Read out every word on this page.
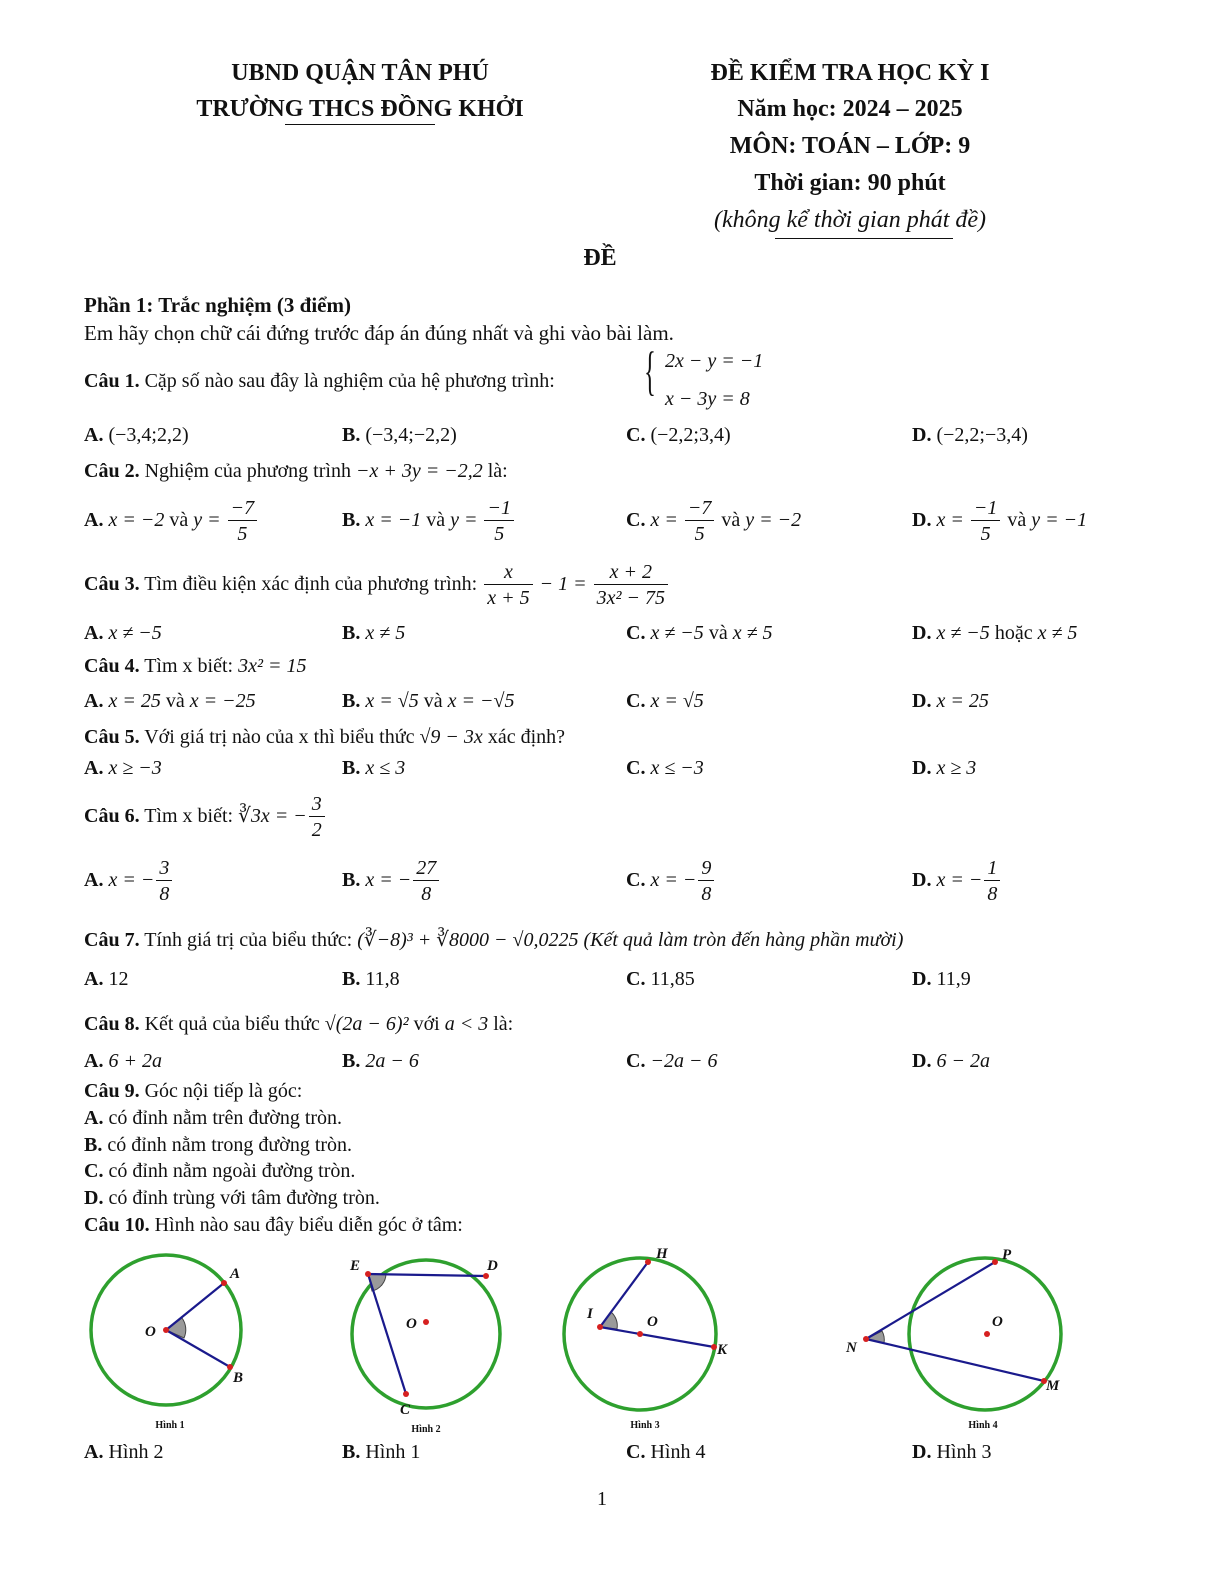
UBND QUẬN TÂN PHÚ
TRƯỜNG THCS ĐỒNG KHỞI
ĐỀ KIỂM TRA HỌC KỲ I
Năm học: 2024 – 2025
MÔN: TOÁN – LỚP: 9
Thời gian: 90 phút
(không kể thời gian phát đề)
ĐỀ
Phần 1: Trắc nghiệm (3 điểm)
Em hãy chọn chữ cái đứng trước đáp án đúng nhất và ghi vào bài làm.
Câu 1. Cặp số nào sau đây là nghiệm của hệ phương trình: { 2x − y = −1
x − 3y = 8
A. (−3,4;2,2)	B. (−3,4;−2,2)	C. (−2,2;3,4)	D. (−2,2;−3,4)
Câu 2. Nghiệm của phương trình −x + 3y = −2,2 là:
A. x = −2 và $y = \frac{-7}{5}$	B. x = −1 và $y = \frac{-1}{5}$	C. $x = \frac{-7}{5}$ và y = −2	D. $x = \frac{-1}{5}$ và y = −1
Câu 3. Tìm điều kiện xác định của phương trình: $\frac{x}{x + 5} - 1 = \frac{x + 2}{\text{3x² − 75}}$
A. x ≠ −5	B. x ≠ 5	C. x ≠ −5 và x ≠ 5	D. x ≠ −5 hoặc x ≠ 5
Câu 4. Tìm x biết: 3x² = 15
A. x = 25 và x = −25	B. x = √5 và x = −√5	C. x = √5	D. x = 25
Câu 5. Với giá trị nào của x thì biểu thức √9 − 3x xác định?
A. x ≥ −3	B. x ≤ 3	C. x ≤ −3	D. x ≥ 3
Câu 6. Tìm x biết: ∛3x = − $\frac{3}{2}$
A. x = − $\frac{3}{8}$	B. x = − $\frac{27}{8}$	C. x = − $\frac{9}{8}$	D. x = − $\frac{1}{8}$
Câu 7. Tính giá trị của biểu thức: (∛−8)³ + ∛8000 − √0,0225 (Kết quả làm tròn đến hàng phần mười)
A. 12	B. 11,8	C. 11,85	D. 11,9
Câu 8. Kết quả của biểu thức √(2a − 6)² với a < 3 là:
A. 6 + 2a	B. 2a − 6	C. −2a − 6	D. 6 − 2a
Câu 9. Góc nội tiếp là góc:
A. có đỉnh nằm trên đường tròn.
B. có đỉnh nằm trong đường tròn.
C. có đỉnh nằm ngoài đường tròn.
D. có đỉnh trùng với tâm đường tròn.
Câu 10. Hình nào sau đây biểu diễn góc ở tâm:
O
A
B
E	D
O
C
H
I	O
K
P
O
N
M
Hình 1	Hình 2	Hình 3	Hình 4
A. Hình 2	B. Hình 1	C. Hình 4	D. Hình 3
1
